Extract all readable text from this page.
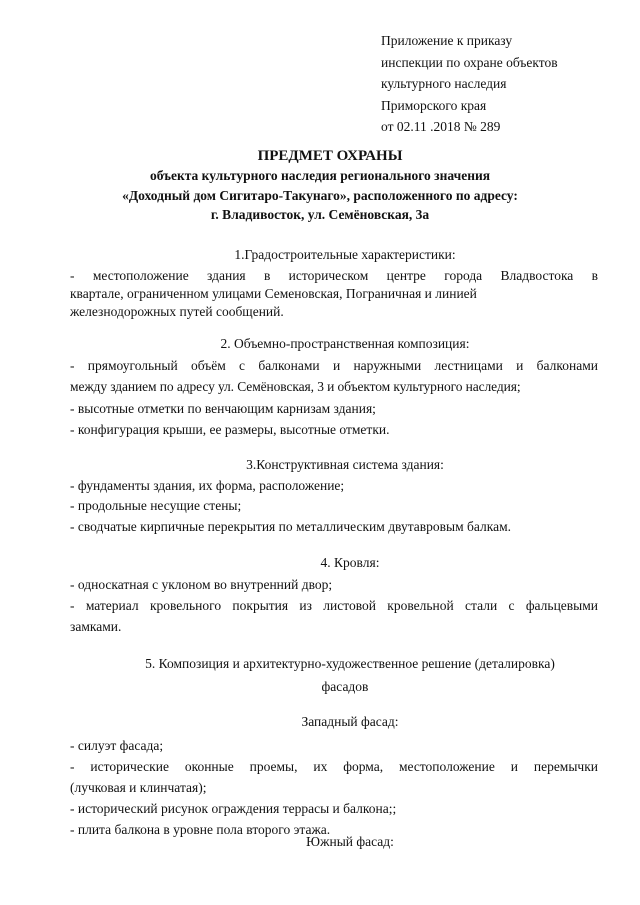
Приложение к приказу
инспекции по охране объектов
культурного наследия
Приморского края
от 02.11 .2018 № 289
ПРЕДМЕТ ОХРАНЫ
объекта культурного наследия регионального значения
«Доходный дом Сигитаро-Такунаго», расположенного по адресу:
г. Владивосток, ул. Семёновская, 3а
1.Градостроительные характеристики:
- местоположение здания в историческом центре города Владвостока в
квартале, ограниченном улицами Семеновская, Пограничная и линией
железнодорожных путей сообщений.
2. Объемно-пространственная композиция:
- прямоугольный объём с балконами и наружными лестницами и балконами
между зданием по адресу ул. Семёновская, 3 и объектом культурного наследия;
- высотные отметки по венчающим карнизам здания;
- конфигурация крыши, ее размеры, высотные отметки.
3.Конструктивная система здания:
- фундаменты здания, их форма, расположение;
- продольные несущие стены;
- сводчатые кирпичные перекрытия по металлическим двутавровым балкам.
4. Кровля:
- односкатная с уклоном во внутренний двор;
- материал кровельного покрытия из листовой кровельной стали с фальцевыми
замками.
5. Композиция и архитектурно-художественное решение (деталировка)
фасадов
Западный фасад:
- силуэт фасада;
- исторические оконные проемы, их форма, местоположение и перемычки
(лучковая и клинчатая);
- исторический рисунок ограждения террасы и балкона;;
- плита балкона в уровне пола второго этажа.
Южный фасад:
